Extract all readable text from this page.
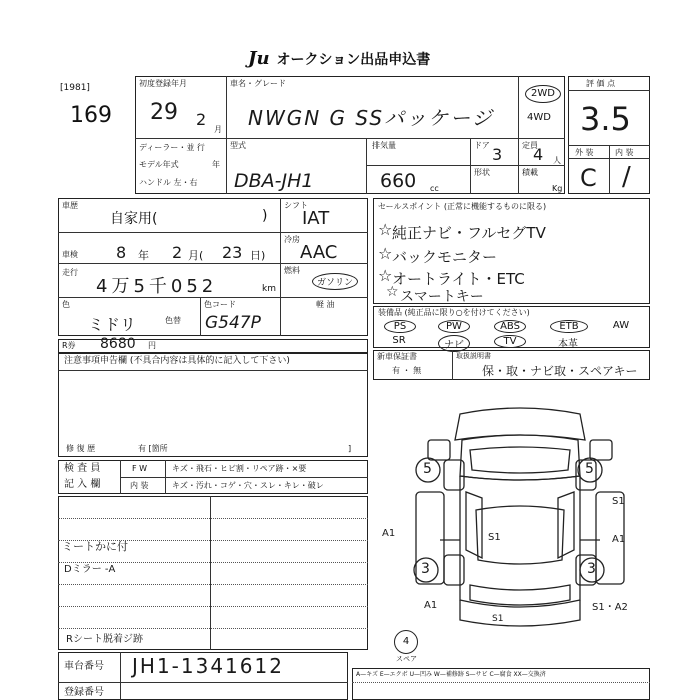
Ju オークション出品申込書
[1981]
169
初度登録年月
29 2
月
ディーラー・並 行
モデル年式	年
ハンドル 左・右
車名・グレード
NWGN G SSパッケージ
2WD
4WD
型式
DBA-JH1
排気量
660 cc
ドア 3 定員
4 人
形状	積載
Kg
評 価 点
3.5
外 装	内 装
C /
車歴
自家用(	)
シフト
IAT
車検 8 年 2 月( 23 日)
冷房
AAC
走行
4万5千052	km
燃料
ガソリン
軽 油
色
ミドリ	色替
色コード
G547P
R券 8680 円
注意事項申告欄 (不具合内容は具体的に記入して下さい)
修 復 歴	有 [箇所	]
検 査 員
記 入 欄
F W	キズ・飛石・ヒビ割・リペア跡・×要
内 装	キズ・汚れ・コゲ・穴・スレ・キレ・破レ
ミートかに付
Dミラー -A
Rシート脱着ジ跡
セールスポイント (正常に機能するものに限る)
純正ナビ・フルセグTV
バックモニター
オートライト・ETC
スマートキー
☆
☆
☆
☆
装備品 (純正品に限り○を付けてください)
PS	PW	ABS	ETB	AW
SR	ナビ	TV	本革
新車保証書	取扱説明書
有 ・ 無	保・取・ナビ取・スペアキー
5	5
3	3
S1
A1
S1
A1
S1・A2
A1
S1
4
スペア
車台番号 JH1-1341612
登録番号
A—キズ E—エクボ U—凹み W—補修跡 S—サビ C—腐食 XX—交換済
